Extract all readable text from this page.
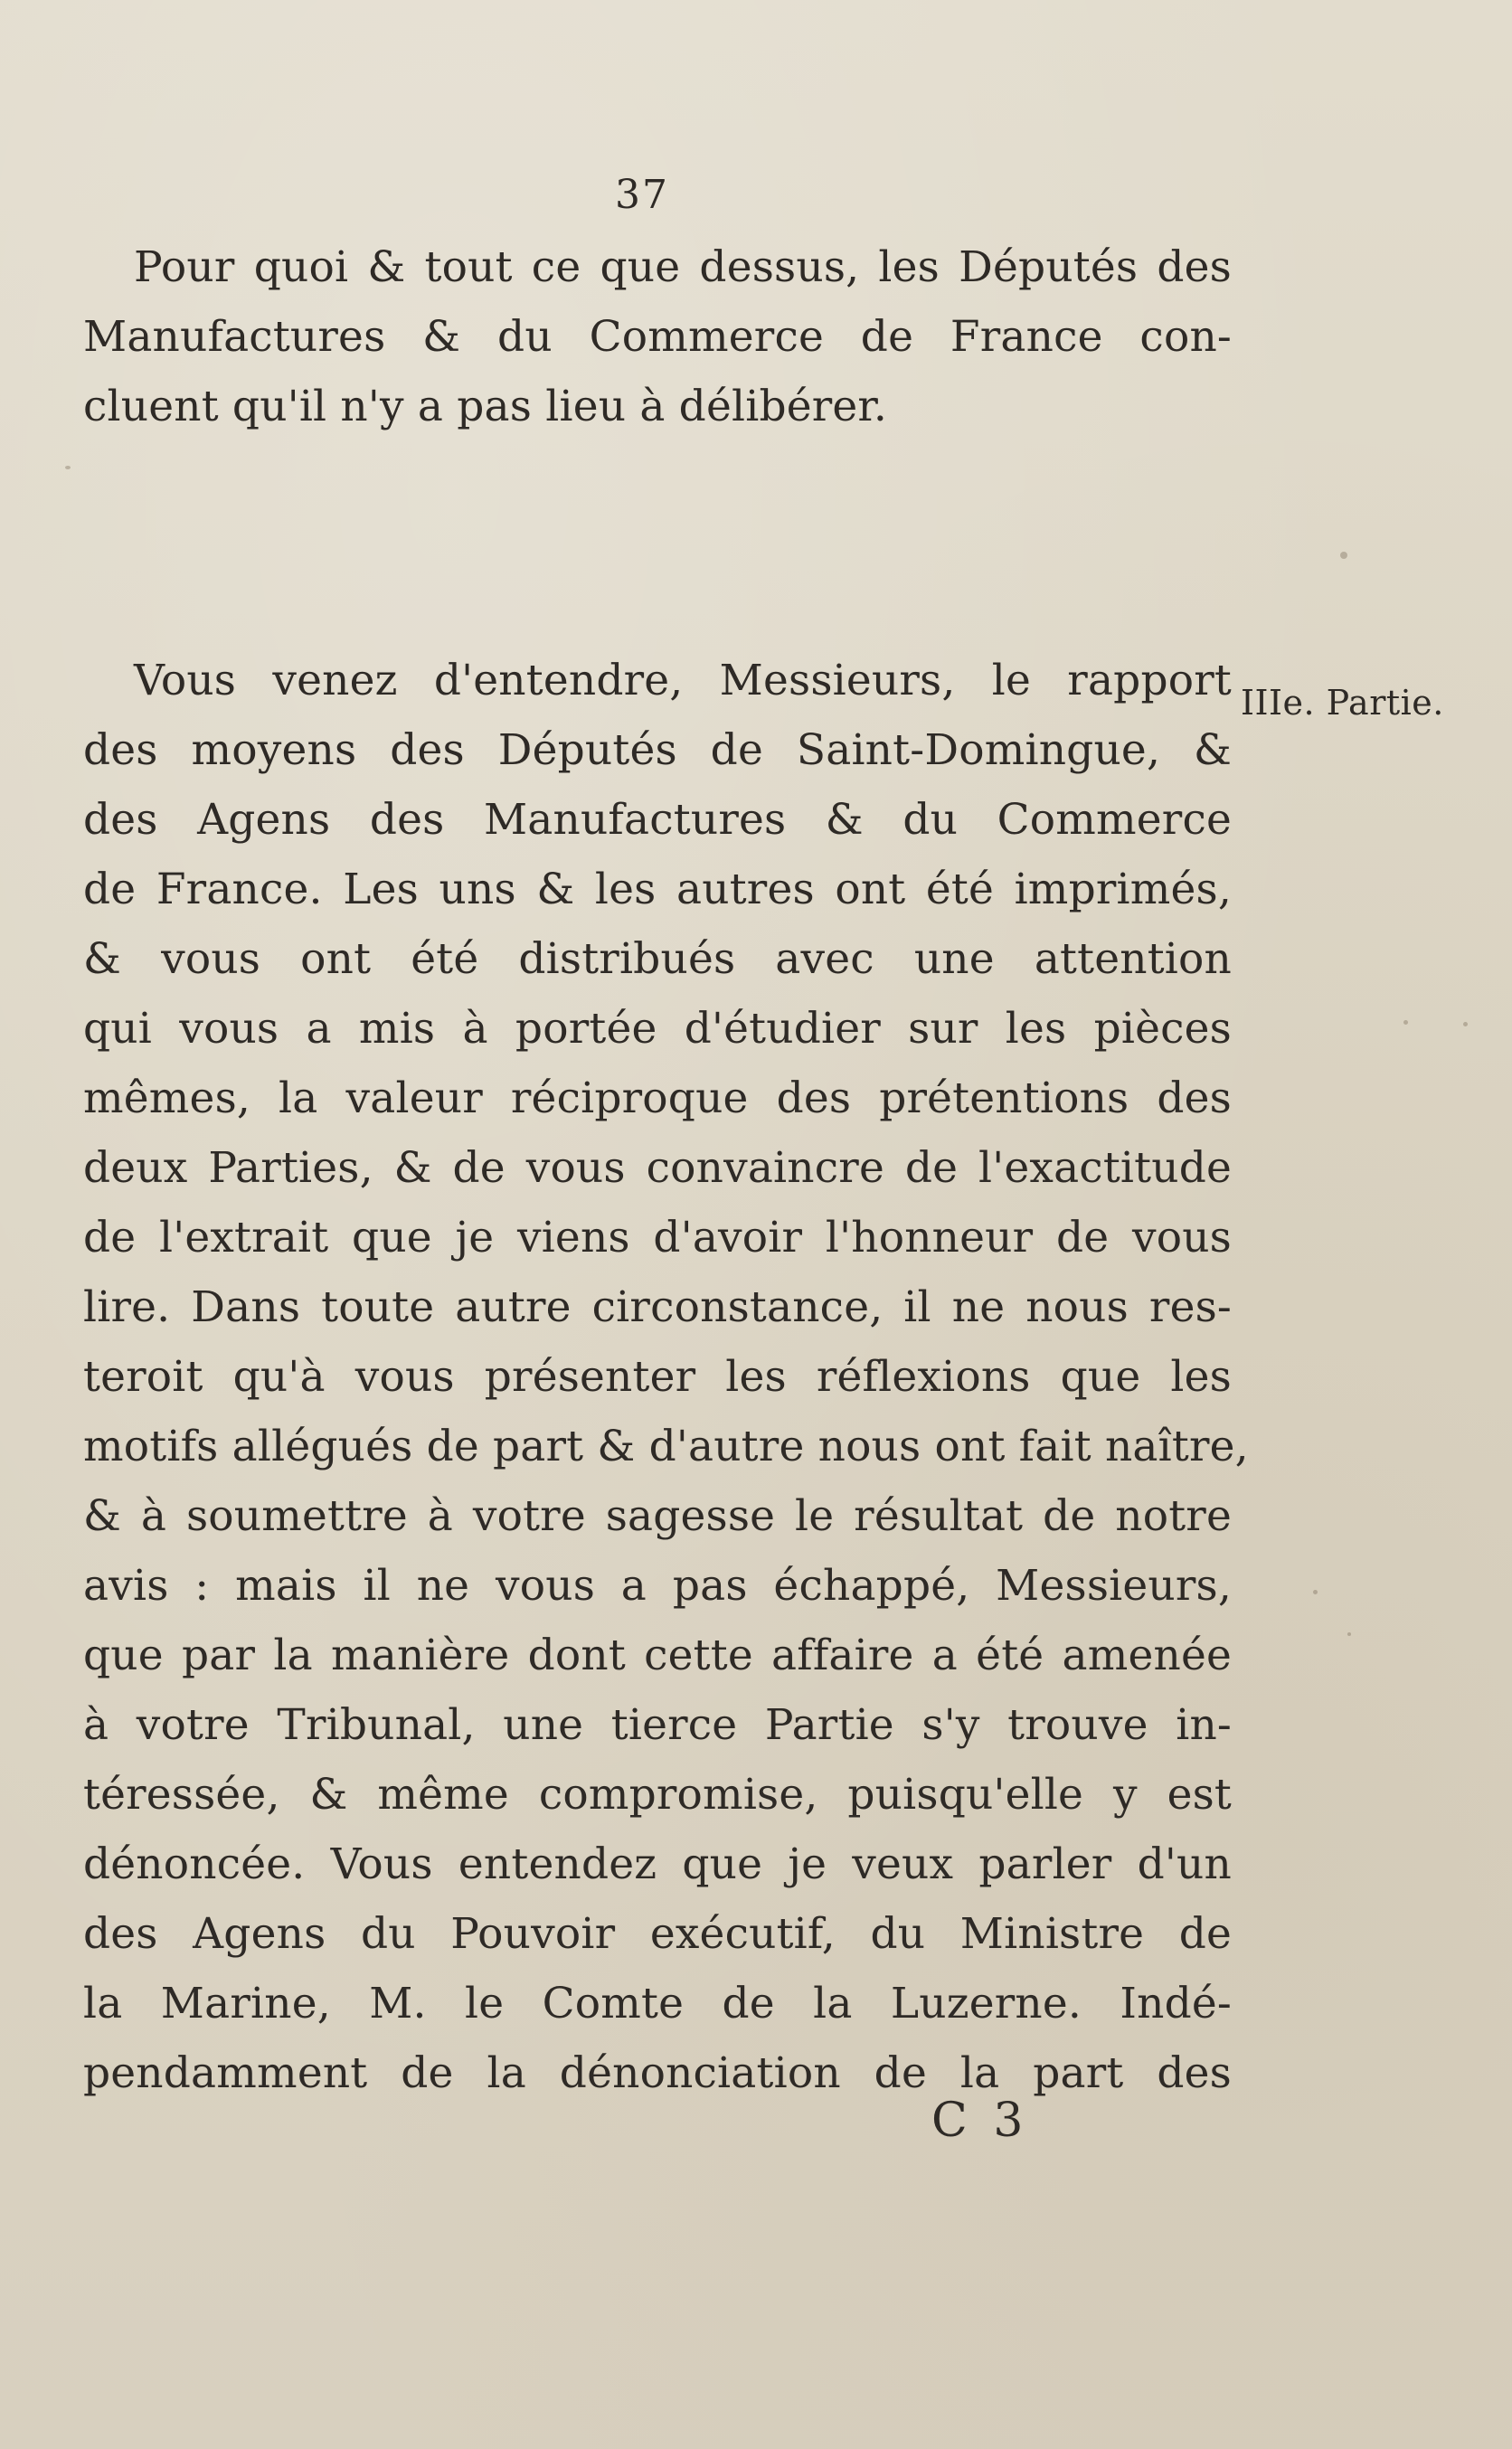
37
Pour quoi & tout ce que dessus, les Députés des
Manufactures & du Commerce de France con-
cluent qu'il n'y a pas lieu à délibérer.
IIIe. Partie.
Vous venez d'entendre, Messieurs, le rapport
des moyens des Députés de Saint-Domingue, &
des Agens des Manufactures & du Commerce
de France. Les uns & les autres ont été imprimés,
& vous ont été distribués avec une attention
qui vous a mis à portée d'étudier sur les pièces
mêmes, la valeur réciproque des prétentions des
deux Parties, & de vous convaincre de l'exactitude
de l'extrait que je viens d'avoir l'honneur de vous
lire. Dans toute autre circonstance, il ne nous res-
teroit qu'à vous présenter les réflexions que les
motifs allégués de part & d'autre nous ont fait naître,
& à soumettre à votre sagesse le résultat de notre
avis : mais il ne vous a pas échappé, Messieurs,
que par la manière dont cette affaire a été amenée
à votre Tribunal, une tierce Partie s'y trouve in-
téressée, & même compromise, puisqu'elle y est
dénoncée. Vous entendez que je veux parler d'un
des Agens du Pouvoir exécutif, du Ministre de
la Marine, M. le Comte de la Luzerne. Indé-
pendamment de la dénonciation de la part des
C 3
